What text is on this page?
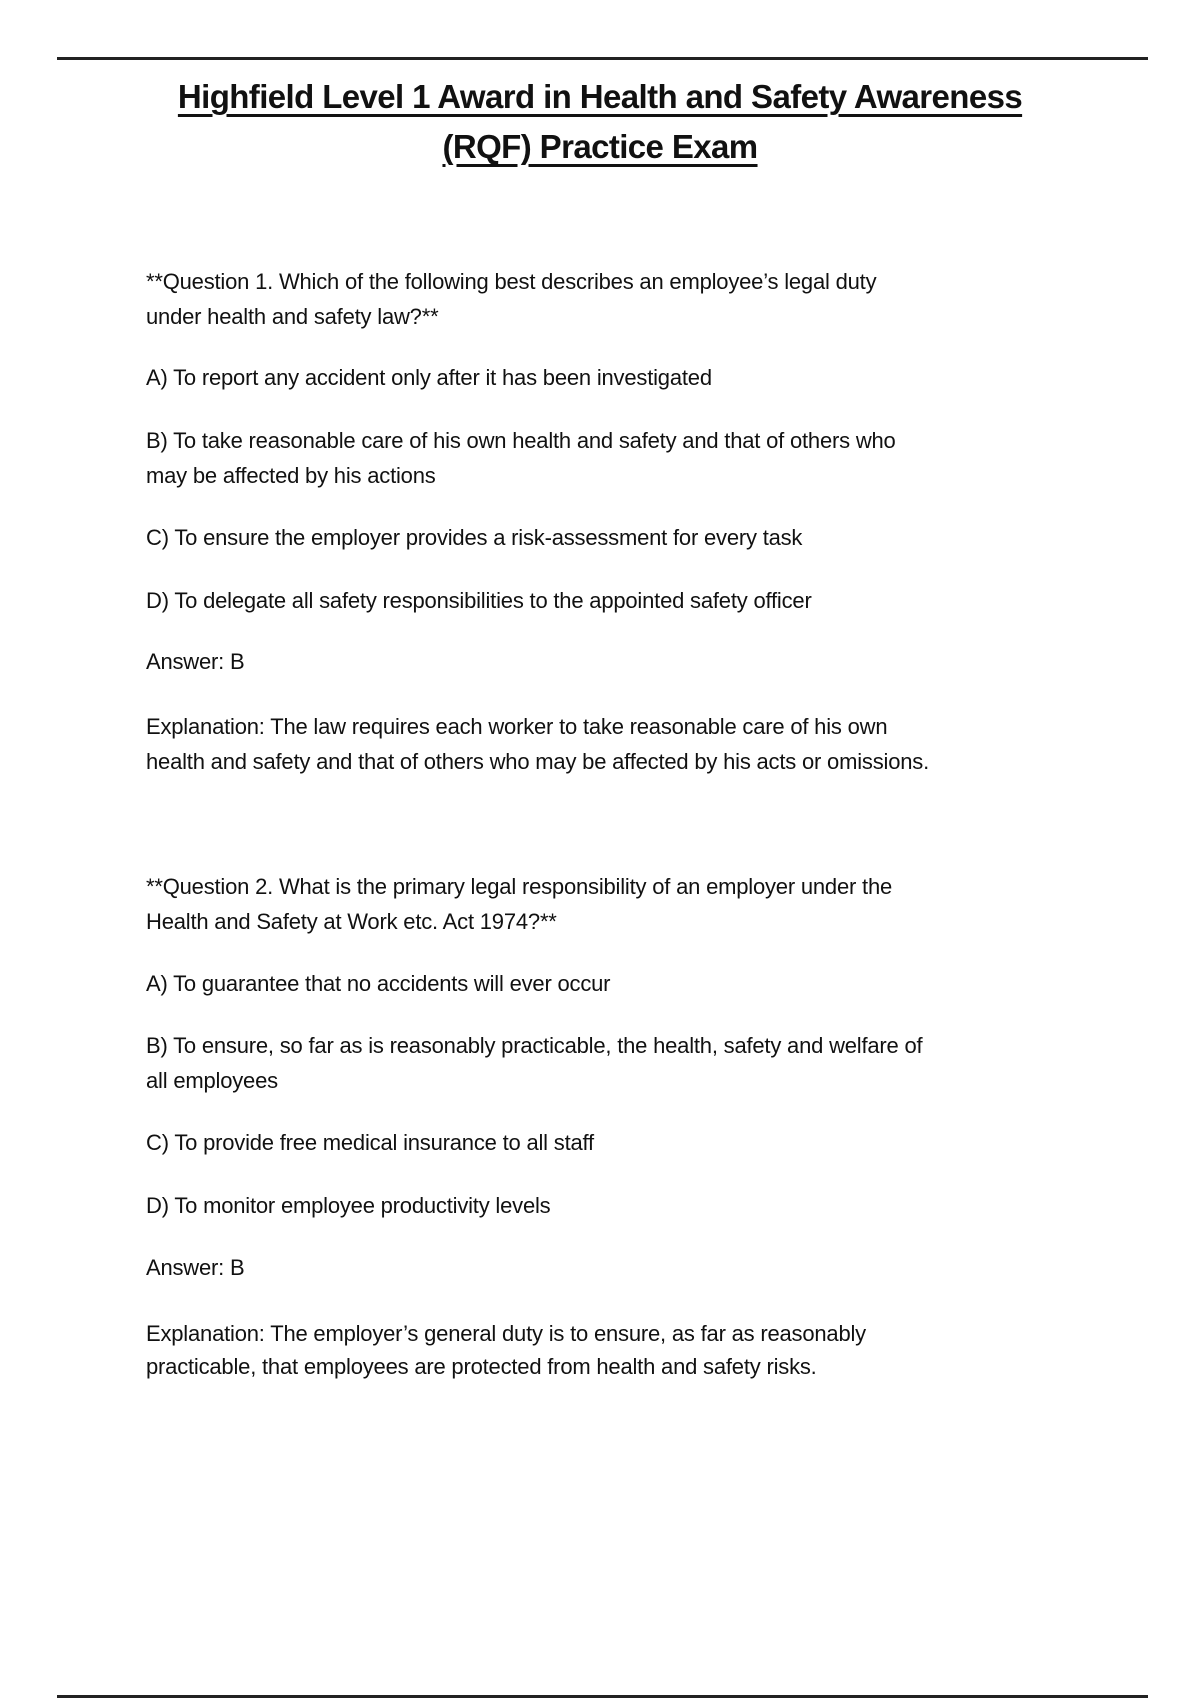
Highfield Level 1 Award in Health and Safety Awareness
(RQF) Practice Exam
**Question 1. Which of the following best describes an employee’s legal duty
under health and safety law?**
A) To report any accident only after it has been investigated
B) To take reasonable care of his own health and safety and that of others who
may be affected by his actions
C) To ensure the employer provides a risk-assessment for every task
D) To delegate all safety responsibilities to the appointed safety officer
Answer: B
Explanation: The law requires each worker to take reasonable care of his own
health and safety and that of others who may be affected by his acts or omissions.
**Question 2. What is the primary legal responsibility of an employer under the
Health and Safety at Work etc. Act 1974?**
A) To guarantee that no accidents will ever occur
B) To ensure, so far as is reasonably practicable, the health, safety and welfare of
all employees
C) To provide free medical insurance to all staff
D) To monitor employee productivity levels
Answer: B
Explanation: The employer’s general duty is to ensure, as far as reasonably
practicable, that employees are protected from health and safety risks.
